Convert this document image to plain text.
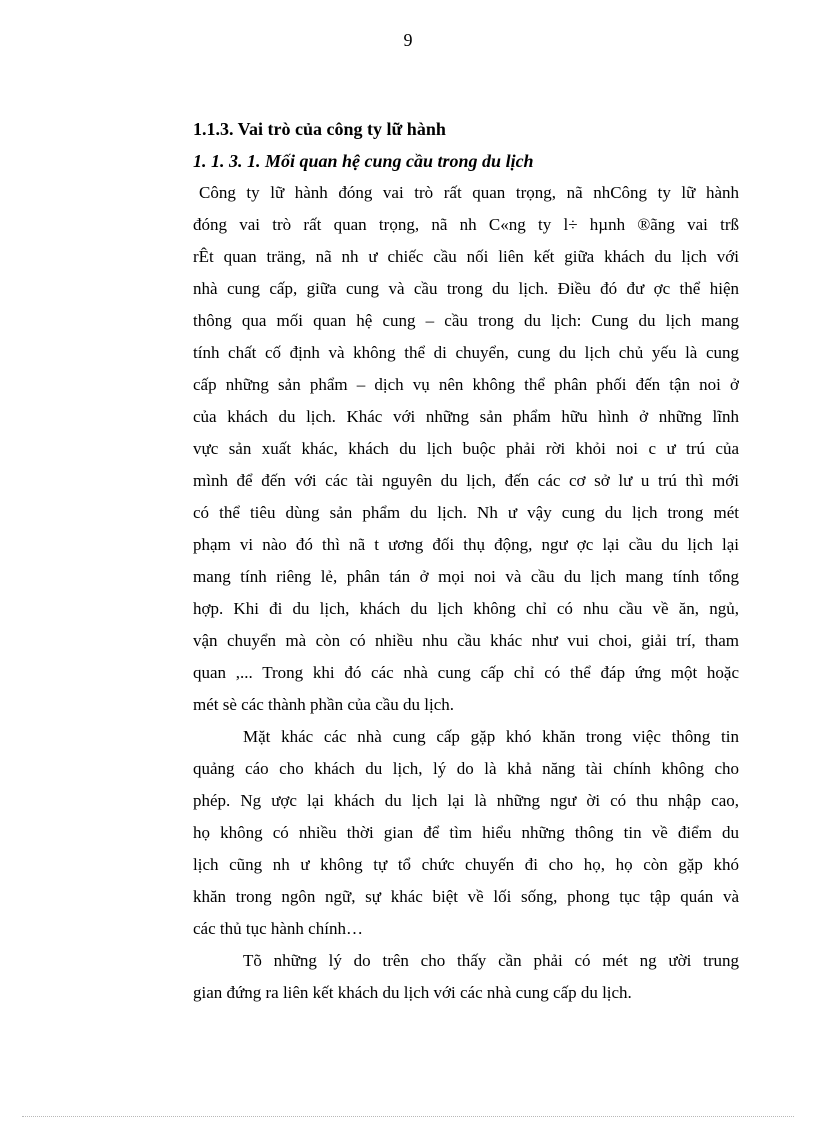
9
1.1.3. Vai trò của công ty lữ hành
1. 1. 3. 1. Mối quan hệ cung cầu trong du lịch
Công ty lữ hành đóng vai trò rất quan trọng, nã nhCông ty lữ hành
đóng vai trò rất quan trọng, nã nh C«ng ty l÷ hµnh ®ãng vai trß
rÊt quan träng, nã nh ư chiếc cầu nối liên kết giữa khách du lịch với
nhà cung cấp, giữa cung và cầu trong du lịch. Điều đó đư ợc thể hiện
thông qua mối quan hệ cung – cầu trong du lịch: Cung du lịch mang
tính chất cố định và không thể di chuyển, cung du lịch chủ yếu là cung
cấp những sản phẩm – dịch vụ nên không thể phân phối đến tận noi ở
của khách du lịch. Khác với những sản phẩm hữu hình ở những lĩnh
vực sản xuất khác, khách du lịch buộc phải rời khỏi noi c ư trú của
mình để đến với các tài nguyên du lịch, đến các cơ sở lư u trú thì mới
có thể tiêu dùng sản phẩm du lịch. Nh ư vậy cung du lịch trong mét
phạm vi nào đó thì nã t ương đối thụ động, ngư ợc lại cầu du lịch lại
mang tính riêng lẻ, phân tán ở mọi noi và cầu du lịch mang tính tổng
hợp. Khi đi du lịch, khách du lịch không chỉ có nhu cầu về ăn, ngủ,
vận chuyển mà còn có nhiều nhu cầu khác như vui choi, giải trí, tham
quan ,... Trong khi đó các nhà cung cấp chỉ có thể đáp ứng một hoặc
mét sè các thành phần của cầu du lịch.
Mặt khác các nhà cung cấp gặp khó khăn trong việc thông tin
quảng cáo cho khách du lịch, lý do là khả năng tài chính không cho
phép. Ng ược lại khách du lịch lại là những ngư ời có thu nhập cao,
họ không có nhiều thời gian để tìm hiểu những thông tin về điểm du
lịch cũng nh ư không tự tổ chức chuyến đi cho họ, họ còn gặp khó
khăn trong ngôn ngữ, sự khác biệt về lối sống, phong tục tập quán và
các thủ tục hành chính…
Tõ những lý do trên cho thấy cần phải có mét ng ười trung
gian đứng ra liên kết khách du lịch với các nhà cung cấp du lịch.
